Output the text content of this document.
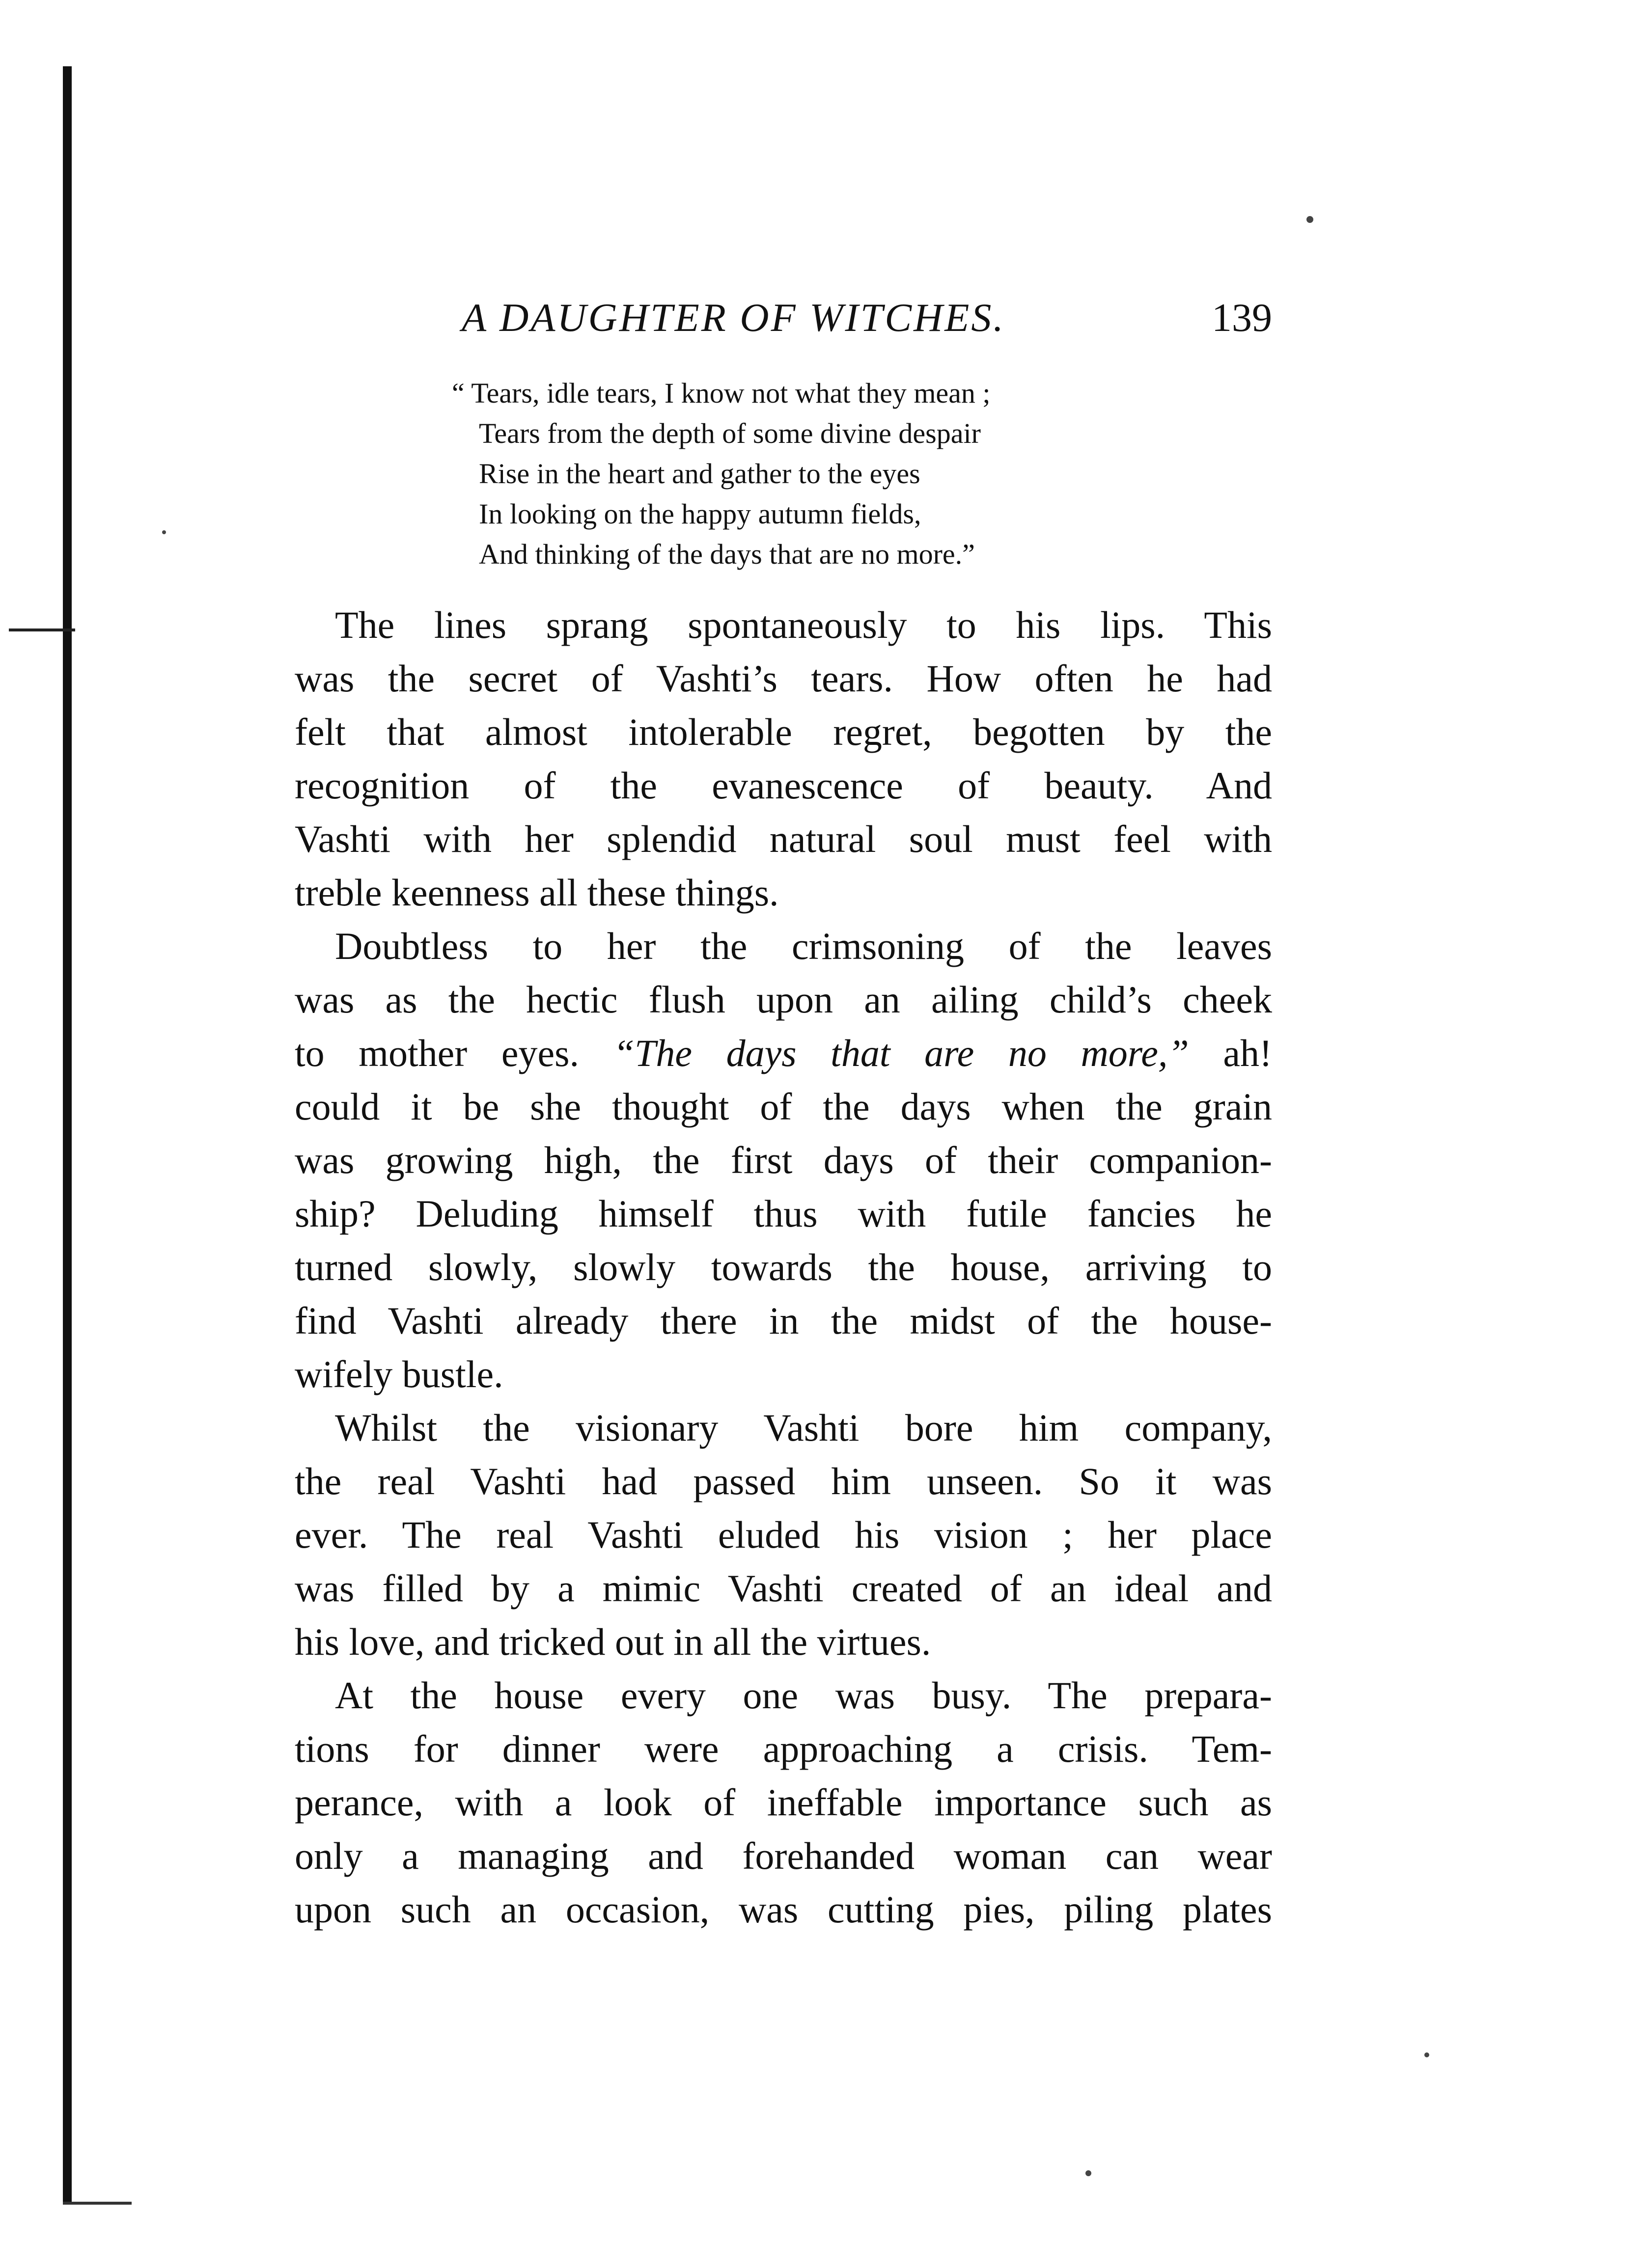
A DAUGHTER OF WITCHES.	139
“ Tears, idle tears, I know not what they mean ;
Tears from the depth of some divine despair
Rise in the heart and gather to the eyes
In looking on the happy autumn fields,
And thinking of the days that are no more.”
The lines sprang spontaneously to his lips. This
was the secret of Vashti’s tears. How often he had
felt that almost intolerable regret, begotten by the
recognition of the evanescence of beauty. And
Vashti with her splendid natural soul must feel with
treble keenness all these things.
Doubtless to her the crimsoning of the leaves
was as the hectic flush upon an ailing child’s cheek
to mother eyes. “The days that are no more,” ah!
could it be she thought of the days when the grain
was growing high, the first days of their companion-
ship? Deluding himself thus with futile fancies he
turned slowly, slowly towards the house, arriving to
find Vashti already there in the midst of the house-
wifely bustle.
Whilst the visionary Vashti bore him company,
the real Vashti had passed him unseen. So it was
ever. The real Vashti eluded his vision ; her place
was filled by a mimic Vashti created of an ideal and
his love, and tricked out in all the virtues.
At the house every one was busy. The prepara-
tions for dinner were approaching a crisis. Tem-
perance, with a look of ineffable importance such as
only a managing and forehanded woman can wear
upon such an occasion, was cutting pies, piling plates
